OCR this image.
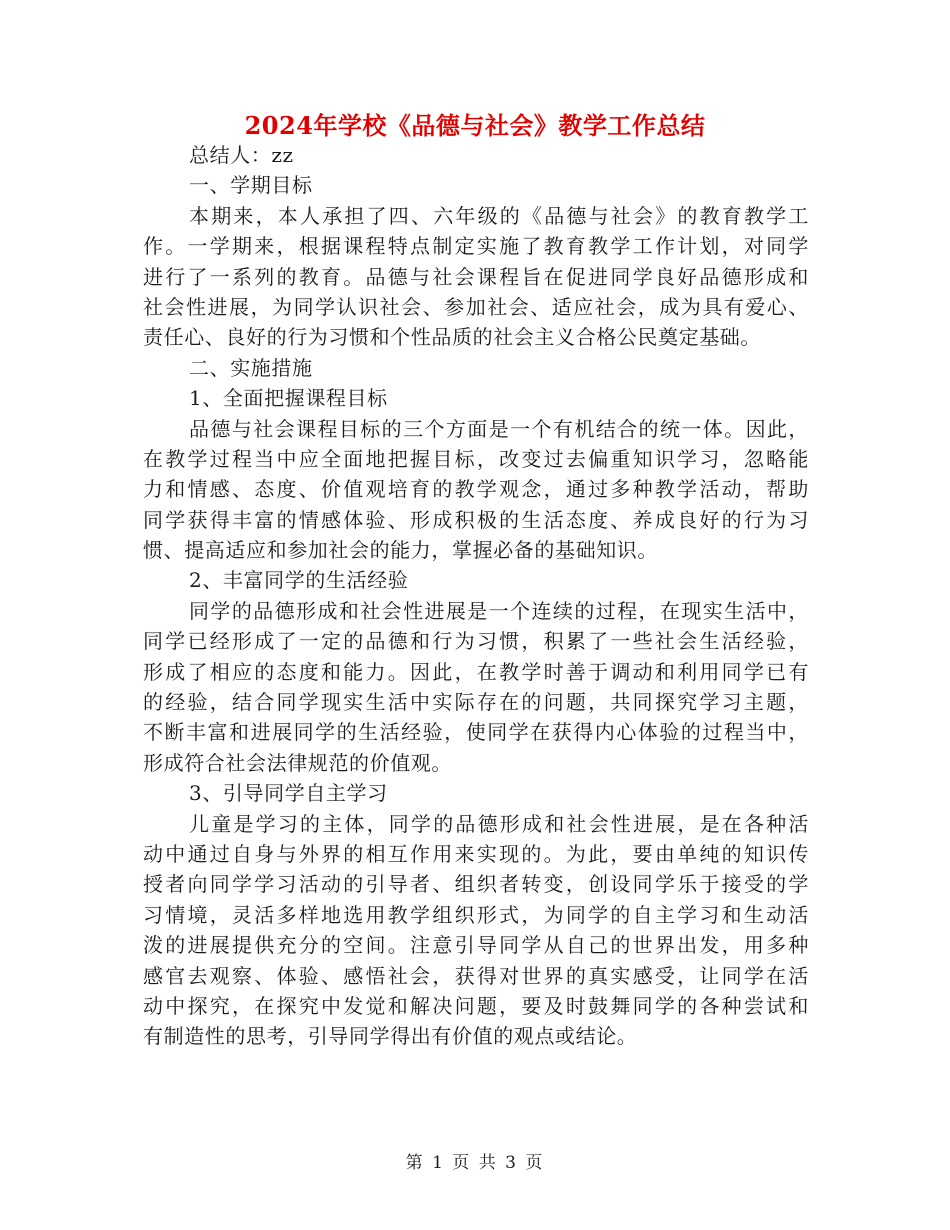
2024年学校《品德与社会》教学工作总结

总结人：zz

一、学期目标

本期来，本人承担了四、六年级的《品德与社会》的教育教学工

作。一学期来，根据课程特点制定实施了教育教学工作计划，对同学

进行了一系列的教育。品德与社会课程旨在促进同学良好品德形成和

社会性进展，为同学认识社会、参加社会、适应社会，成为具有爱心、

责任心、良好的行为习惯和个性品质的社会主义合格公民奠定基础。

二、实施措施

1、全面把握课程目标

品德与社会课程目标的三个方面是一个有机结合的统一体。因此，

在教学过程当中应全面地把握目标，改变过去偏重知识学习，忽略能

力和情感、态度、价值观培育的教学观念，通过多种教学活动，帮助

同学获得丰富的情感体验、形成积极的生活态度、养成良好的行为习

惯、提高适应和参加社会的能力，掌握必备的基础知识。

2、丰富同学的生活经验

同学的品德形成和社会性进展是一个连续的过程，在现实生活中，

同学已经形成了一定的品德和行为习惯，积累了一些社会生活经验，

形成了相应的态度和能力。因此，在教学时善于调动和利用同学已有

的经验，结合同学现实生活中实际存在的问题，共同探究学习主题，

不断丰富和进展同学的生活经验，使同学在获得内心体验的过程当中，

形成符合社会法律规范的价值观。

3、引导同学自主学习

儿童是学习的主体，同学的品德形成和社会性进展，是在各种活

动中通过自身与外界的相互作用来实现的。为此，要由单纯的知识传

授者向同学学习活动的引导者、组织者转变，创设同学乐于接受的学

习情境，灵活多样地选用教学组织形式，为同学的自主学习和生动活

泼的进展提供充分的空间。注意引导同学从自己的世界出发，用多种

感官去观察、体验、感悟社会，获得对世界的真实感受，让同学在活

动中探究，在探究中发觉和解决问题，要及时鼓舞同学的各种尝试和

有制造性的思考，引导同学得出有价值的观点或结论。

第 1 页 共 3 页
